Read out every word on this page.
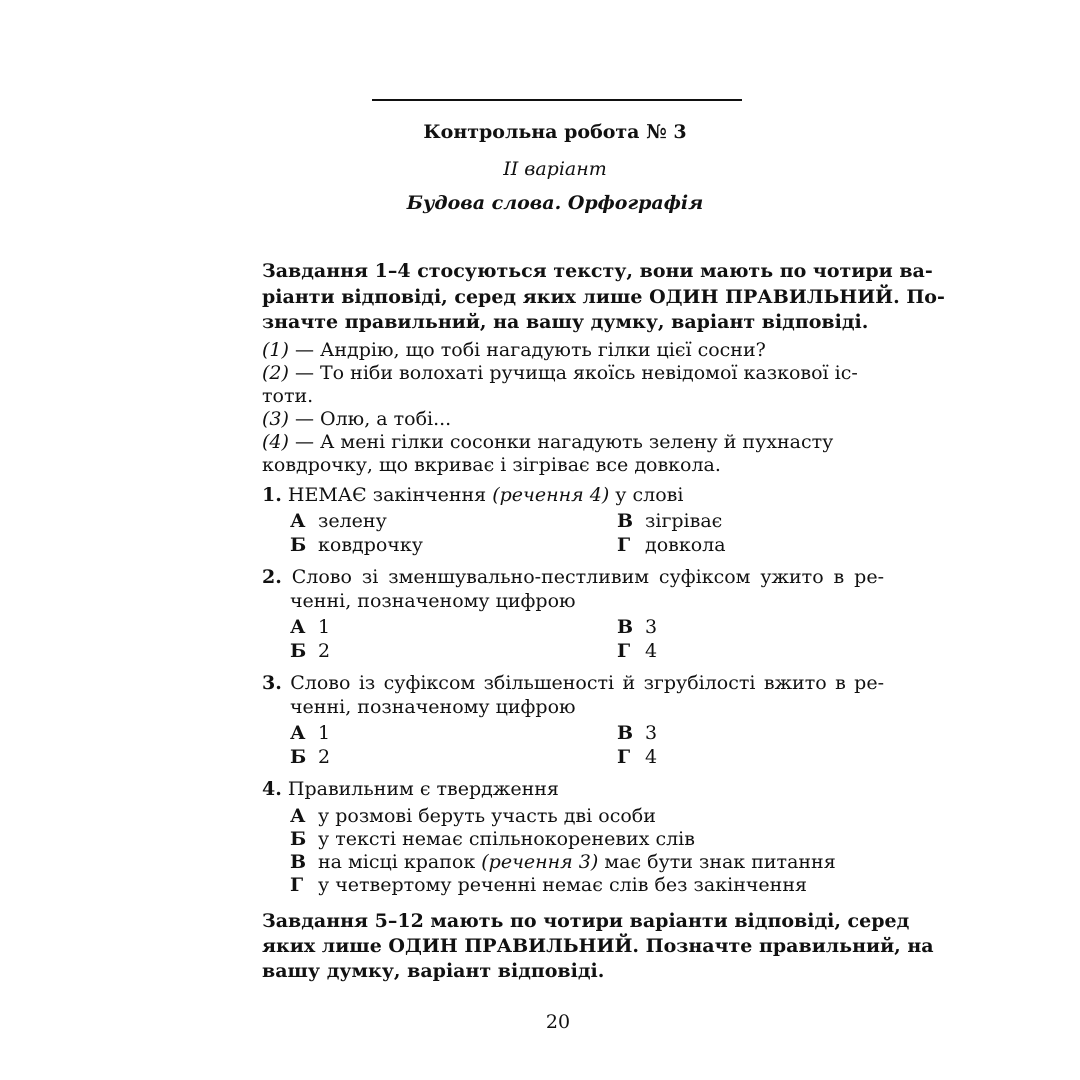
Контрольна робота № 3
II варіант
Будова слова. Орфографія
Завдання 1–4 стосуються тексту, вони мають по чотири ва-
ріанти відповіді, серед яких лише ОДИН ПРАВИЛЬНИЙ. По-
значте правильний, на вашу думку, варіант відповіді.
(1) — Андрію, що тобі нагадують гілки цієї сосни?
(2) — То ніби волохаті ручища якоїсь невідомої казкової іс-
тоти.
(3) — Олю, а тобі...
(4) — А мені гілки сосонки нагадують зелену й пухнасту
ковдрочку, що вкриває і зігріває все довкола.
1. НЕМАЄ закінчення (речення 4) у слові
А зелену
Б ковдрочку
В зігріває
Г довкола
2. Слово зі зменшувально-пестливим суфіксом ужито в ре-
ченні, позначеному цифрою
А 1
Б 2
В 3
Г 4
3. Слово із суфіксом збільшеності й згрубілості вжито в ре-
ченні, позначеному цифрою
А 1
Б 2
В 3
Г 4
4. Правильним є твердження
А у розмові беруть участь дві особи
Б у тексті немає спільнокореневих слів
В на місці крапок (речення 3) має бути знак питання
Г у четвертому реченні немає слів без закінчення
Завдання 5–12 мають по чотири варіанти відповіді, серед
яких лише ОДИН ПРАВИЛЬНИЙ. Позначте правильний, на
вашу думку, варіант відповіді.
20
